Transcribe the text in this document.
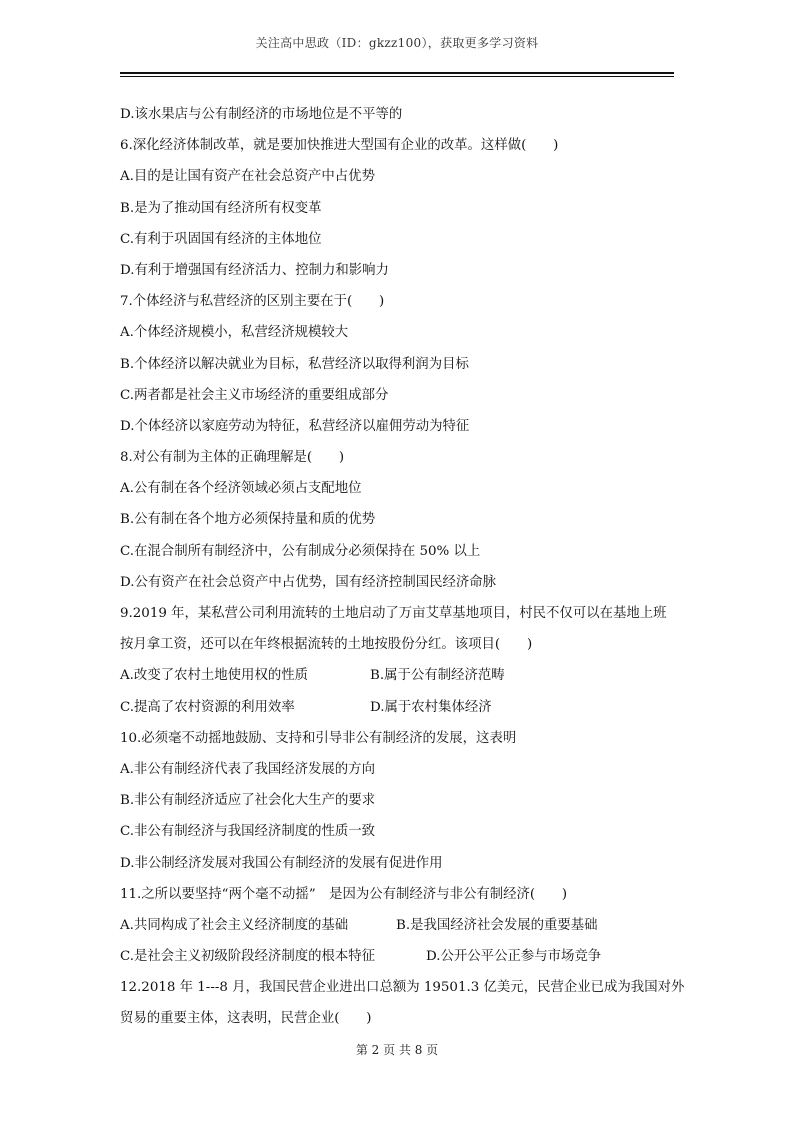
关注高中思政（ID：gkzz100），获取更多学习资料
D.该水果店与公有制经济的市场地位是不平等的
6.深化经济体制改革，就是要加快推进大型国有企业的改革。这样做(　　)
A.目的是让国有资产在社会总资产中占优势
B.是为了推动国有经济所有权变革
C.有利于巩固国有经济的主体地位
D.有利于增强国有经济活力、控制力和影响力
7.个体经济与私营经济的区别主要在于(　　)
A.个体经济规模小，私营经济规模较大
B.个体经济以解决就业为目标，私营经济以取得利润为目标
C.两者都是社会主义市场经济的重要组成部分
D.个体经济以家庭劳动为特征，私营经济以雇佣劳动为特征
8.对公有制为主体的正确理解是(　　)
A.公有制在各个经济领域必须占支配地位
B.公有制在各个地方必须保持量和质的优势
C.在混合制所有制经济中，公有制成分必须保持在 50% 以上
D.公有资产在社会总资产中占优势，国有经济控制国民经济命脉
9.2019 年，某私营公司利用流转的土地启动了万亩艾草基地项目，村民不仅可以在基地上班
按月拿工资，还可以在年终根据流转的土地按股份分红。该项目(　　)
A.改变了农村土地使用权的性质	B.属于公有制经济范畴
C.提高了农村资源的利用效率	D.属于农村集体经济
10.必须毫不动摇地鼓励、支持和引导非公有制经济的发展，这表明
A.非公有制经济代表了我国经济发展的方向
B.非公有制经济适应了社会化大生产的要求
C.非公有制经济与我国经济制度的性质一致
D.非公制经济发展对我国公有制经济的发展有促进作用
11.之所以要坚持“两个毫不动摇”　是因为公有制经济与非公有制经济(　　)
A.共同构成了社会主义经济制度的基础	B.是我国经济社会发展的重要基础
C.是社会主义初级阶段经济制度的根本特征	D.公开公平公正参与市场竞争
12.2018 年 1---8 月，我国民营企业进出口总额为 19501.3 亿美元，民营企业已成为我国对外
贸易的重要主体，这表明，民营企业(　　)
第 2 页 共 8 页
